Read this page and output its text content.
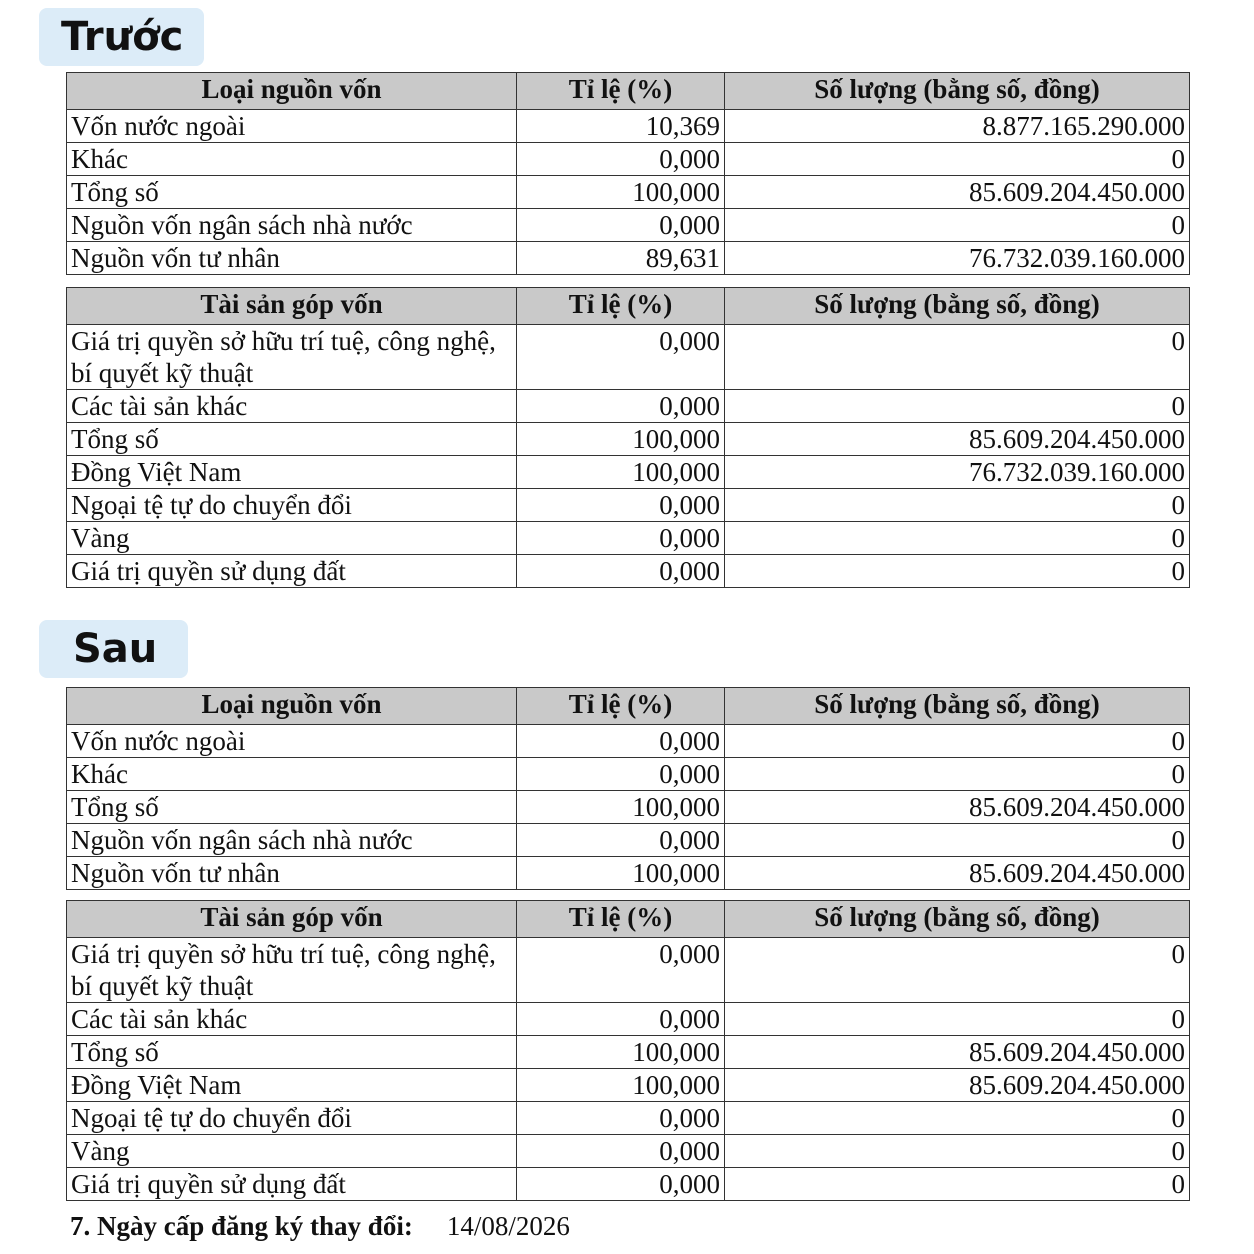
Trước
Loại nguồn vốn	Tỉ lệ (%)	Số lượng (bằng số, đồng)
Vốn nước ngoài	10,369	8.877.165.290.000
Khác	0,000	0
Tổng số	100,000	85.609.204.450.000
Nguồn vốn ngân sách nhà nước	0,000	0
Nguồn vốn tư nhân	89,631	76.732.039.160.000
Tài sản góp vốn	Tỉ lệ (%)	Số lượng (bằng số, đồng)
Giá trị quyền sở hữu trí tuệ, công nghệ, bí quyết kỹ thuật	0,000	0
Các tài sản khác	0,000	0
Tổng số	100,000	85.609.204.450.000
Đồng Việt Nam	100,000	76.732.039.160.000
Ngoại tệ tự do chuyển đổi	0,000	0
Vàng	0,000	0
Giá trị quyền sử dụng đất	0,000	0
Sau
Loại nguồn vốn	Tỉ lệ (%)	Số lượng (bằng số, đồng)
Vốn nước ngoài	0,000	0
Khác	0,000	0
Tổng số	100,000	85.609.204.450.000
Nguồn vốn ngân sách nhà nước	0,000	0
Nguồn vốn tư nhân	100,000	85.609.204.450.000
Tài sản góp vốn	Tỉ lệ (%)	Số lượng (bằng số, đồng)
Giá trị quyền sở hữu trí tuệ, công nghệ, bí quyết kỹ thuật	0,000	0
Các tài sản khác	0,000	0
Tổng số	100,000	85.609.204.450.000
Đồng Việt Nam	100,000	85.609.204.450.000
Ngoại tệ tự do chuyển đổi	0,000	0
Vàng	0,000	0
Giá trị quyền sử dụng đất	0,000	0
7. Ngày cấp đăng ký thay đổi: 14/08/2026
